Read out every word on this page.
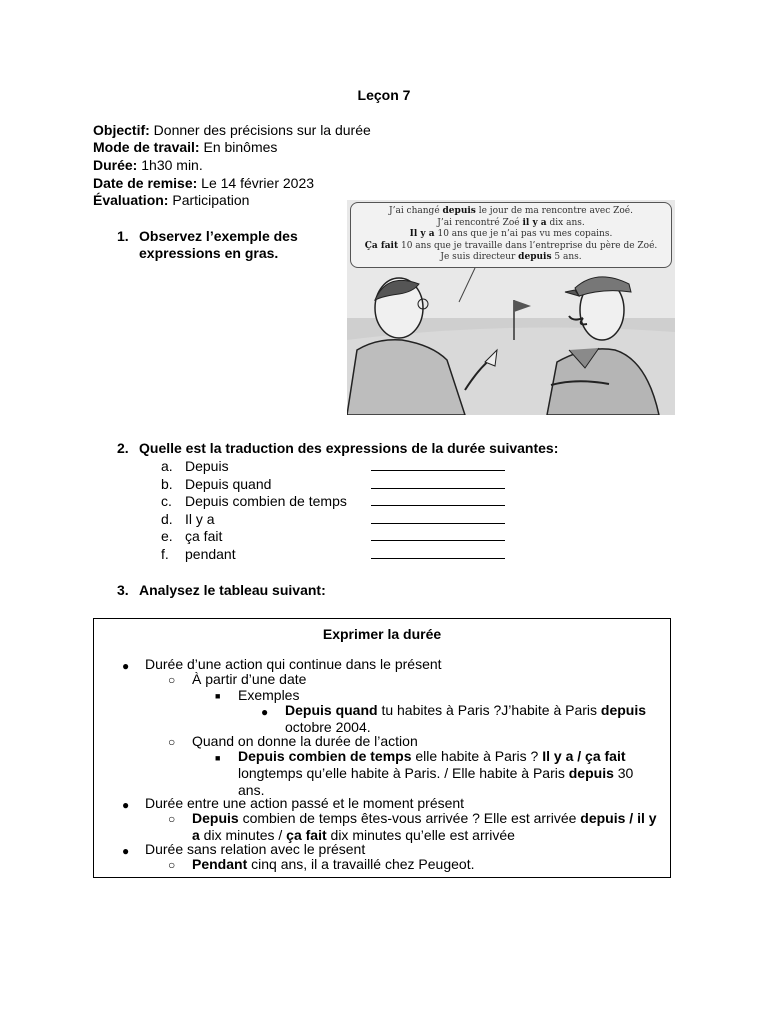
Leçon 7
Objectif: Donner des précisions sur la durée
Mode de travail: En binômes
Durée: 1h30 min.
Date de remise: Le 14 février 2023
Évaluation: Participation
1. Observez l’exemple des
expressions en gras.
J’ai changé depuis le jour de ma rencontre avec Zoé.
J’ai rencontré Zoé il y a dix ans.
Il y a 10 ans que je n’ai pas vu mes copains.
Ça fait 10 ans que je travaille dans l’entreprise du père de Zoé.
Je suis directeur depuis 5 ans.
2. Quelle est la traduction des expressions de la durée suivantes:
a. Depuis
b. Depuis quand
c. Depuis combien de temps
d. Il y a
e. ça fait
f. pendant
3. Analysez le tableau suivant:
Exprimer la durée
● Durée d’une action qui continue dans le présent
○ À partir d’une date
■ Exemples
● Depuis quand tu habites à Paris ?J’habite à Paris depuis
octobre 2004.
○ Quand on donne la durée de l’action
■ Depuis combien de temps elle habite à Paris ? Il y a / ça fait
longtemps qu’elle habite à Paris. / Elle habite à Paris depuis 30
ans.
● Durée entre une action passé et le moment présent
○ Depuis combien de temps êtes-vous arrivée ? Elle est arrivée depuis / il y
a dix minutes / ça fait dix minutes qu’elle est arrivée
● Durée sans relation avec le présent
○ Pendant cinq ans, il a travaillé chez Peugeot.
